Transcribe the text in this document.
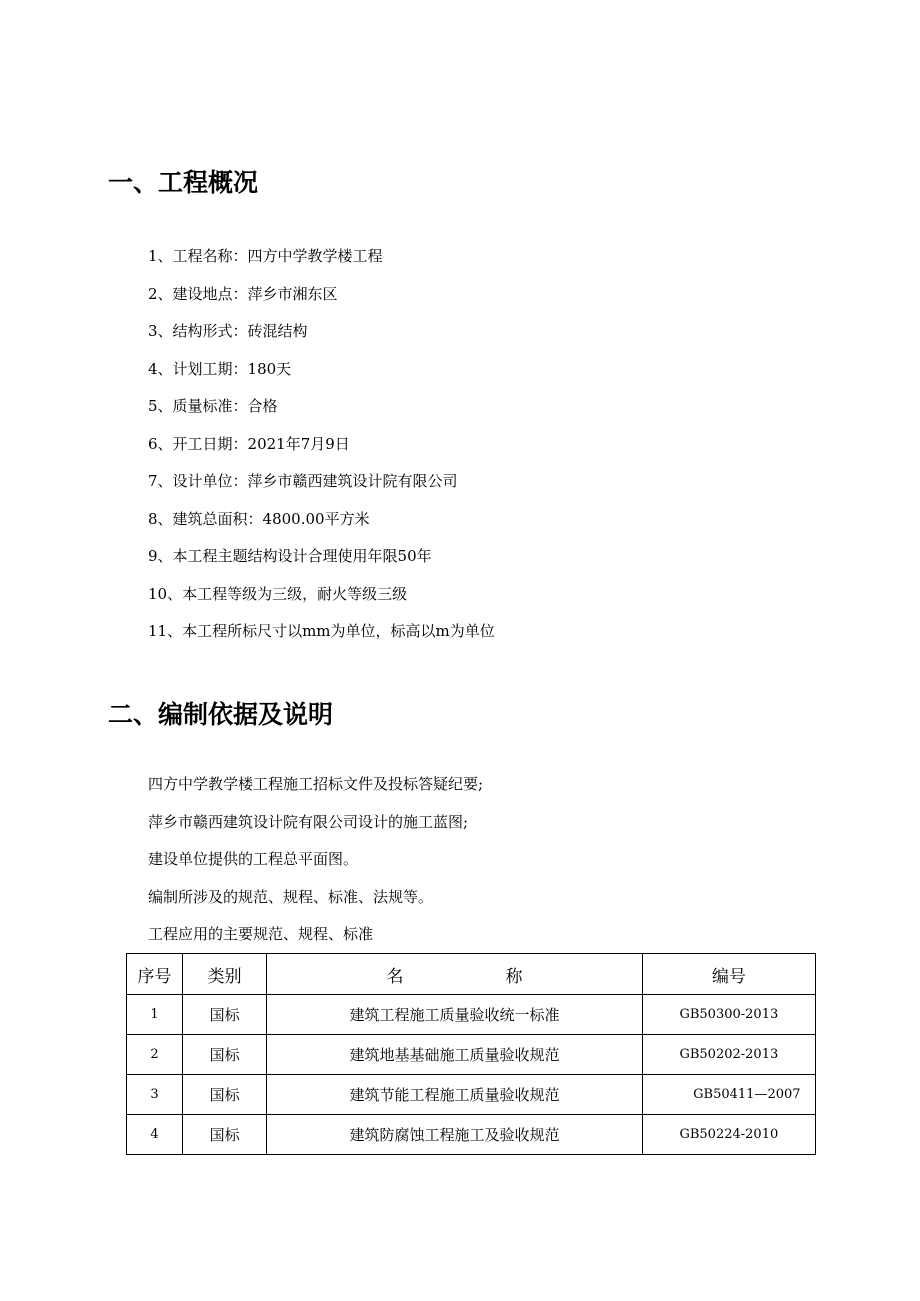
一、工程概况
1、工程名称：四方中学教学楼工程
2、建设地点：萍乡市湘东区
3、结构形式：砖混结构
4、计划工期：180天
5、质量标准：合格
6、开工日期：2021年7月9日
7、设计单位：萍乡市赣西建筑设计院有限公司
8、建筑总面积：4800.00平方米
9、本工程主题结构设计合理使用年限50年
10、本工程等级为三级，耐火等级三级
11、本工程所标尺寸以mm为单位，标高以m为单位
二、编制依据及说明

四方中学教学楼工程施工招标文件及投标答疑纪要;

萍乡市赣西建筑设计院有限公司设计的施工蓝图;

建设单位提供的工程总平面图。

编制所涉及的规范、规程、标准、法规等。

工程应用的主要规范、规程、标准

序号	类别	名　　　　　　称	编号
1	国标	建筑工程施工质量验收统一标准	GB50300-2013
2	国标	建筑地基基础施工质量验收规范	GB50202-2013
3	国标	建筑节能工程施工质量验收规范	GB50411—2007
4	国标	建筑防腐蚀工程施工及验收规范	GB50224-2010
